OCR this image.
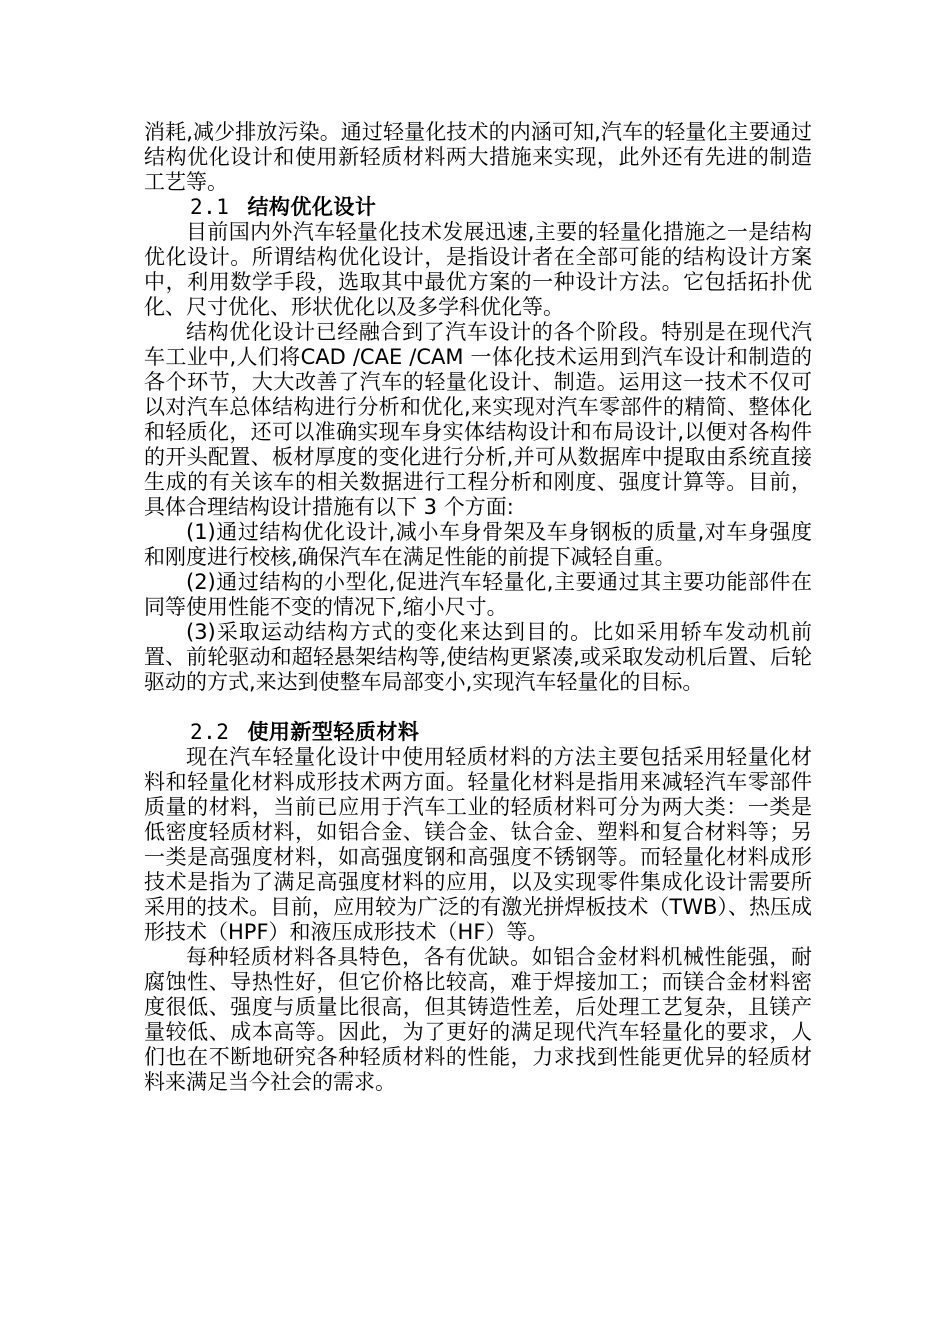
消耗,减少排放污染。通过轻量化技术的内涵可知,汽车的轻量化主要通过结构优化设计和使用新轻质材料两大措施来实现，此外还有先进的制造工艺等。

2.1 结构优化设计

目前国内外汽车轻量化技术发展迅速,主要的轻量化措施之一是结构优化设计。所谓结构优化设计，是指设计者在全部可能的结构设计方案中，利用数学手段，选取其中最优方案的一种设计方法。它包括拓扑优化、尺寸优化、形状优化以及多学科优化等。

结构优化设计已经融合到了汽车设计的各个阶段。特别是在现代汽车工业中,人们将CAD /CAE /CAM 一体化技术运用到汽车设计和制造的各个环节，大大改善了汽车的轻量化设计、制造。运用这一技术不仅可以对汽车总体结构进行分析和优化,来实现对汽车零部件的精简、整体化和轻质化，还可以准确实现车身实体结构设计和布局设计,以便对各构件的开头配置、板材厚度的变化进行分析,并可从数据库中提取由系统直接生成的有关该车的相关数据进行工程分析和刚度、强度计算等。目前，具体合理结构设计措施有以下 3 个方面:

(1)通过结构优化设计,减小车身骨架及车身钢板的质量,对车身强度和刚度进行校核,确保汽车在满足性能的前提下减轻自重。

(2)通过结构的小型化,促进汽车轻量化,主要通过其主要功能部件在同等使用性能不变的情况下,缩小尺寸。

(3)采取运动结构方式的变化来达到目的。比如采用轿车发动机前置、前轮驱动和超轻悬架结构等,使结构更紧凑,或采取发动机后置、后轮驱动的方式,来达到使整车局部变小,实现汽车轻量化的目标。

2.2 使用新型轻质材料

现在汽车轻量化设计中使用轻质材料的方法主要包括采用轻量化材料和轻量化材料成形技术两方面。轻量化材料是指用来减轻汽车零部件质量的材料，当前已应用于汽车工业的轻质材料可分为两大类：一类是低密度轻质材料，如铝合金、镁合金、钛合金、塑料和复合材料等；另一类是高强度材料，如高强度钢和高强度不锈钢等。而轻量化材料成形技术是指为了满足高强度材料的应用，以及实现零件集成化设计需要所采用的技术。目前，应用较为广泛的有激光拼焊板技术（TWB）、热压成形技术（HPF）和液压成形技术（HF）等。

每种轻质材料各具特色，各有优缺。如铝合金材料机械性能强，耐腐蚀性、导热性好，但它价格比较高，难于焊接加工；而镁合金材料密度很低、强度与质量比很高，但其铸造性差，后处理工艺复杂，且镁产量较低、成本高等。因此，为了更好的满足现代汽车轻量化的要求，人们也在不断地研究各种轻质材料的性能，力求找到性能更优异的轻质材料来满足当今社会的需求。
